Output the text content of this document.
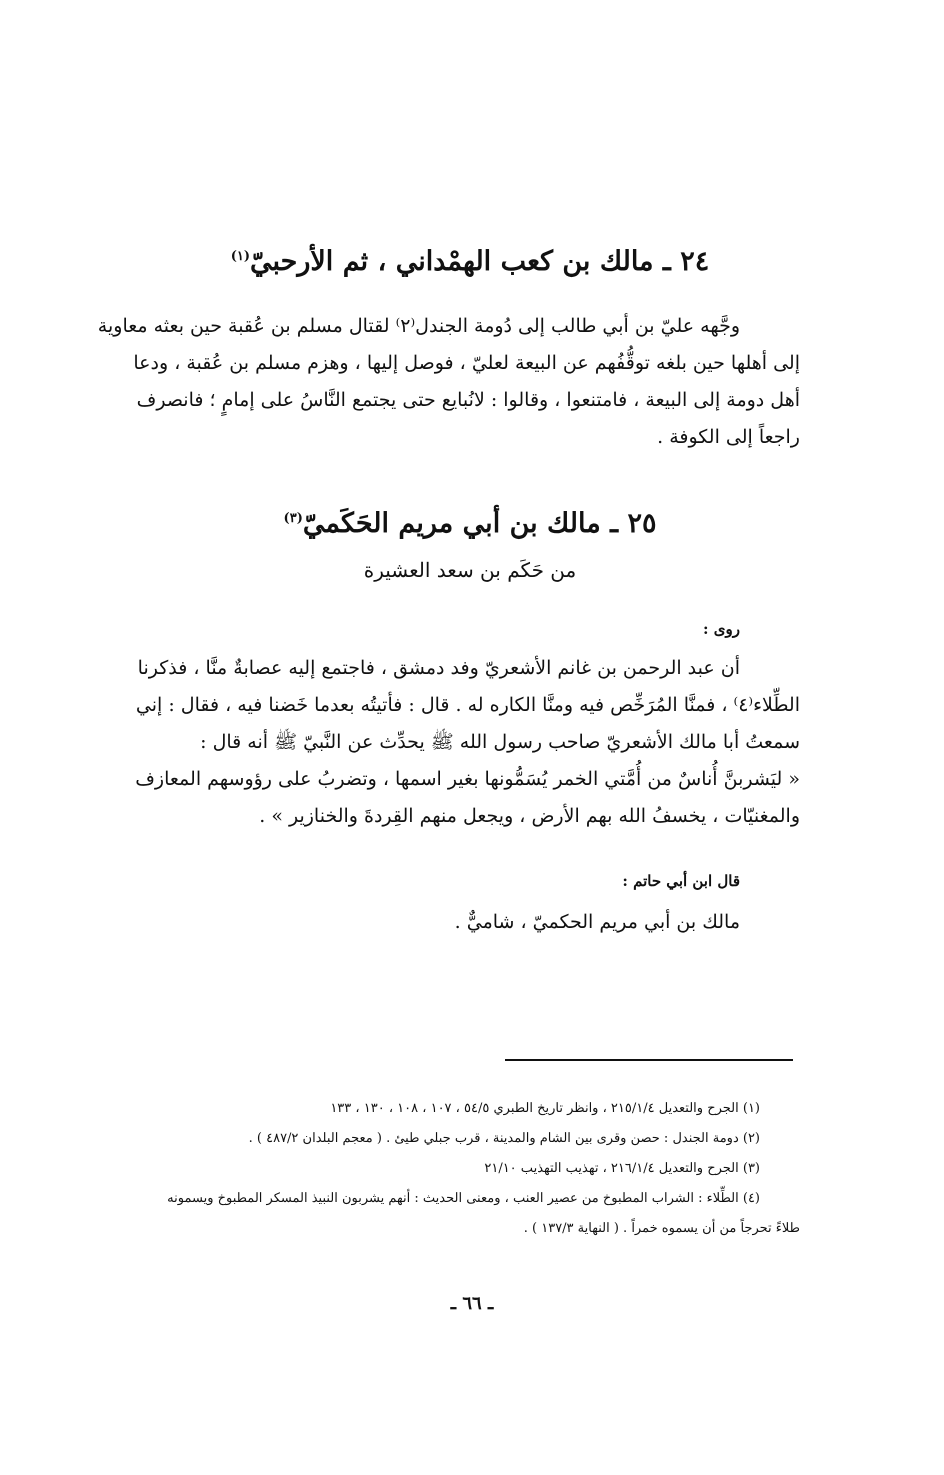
٢٤ ـ مالك بن كعب الهمْداني ، ثم الأرحبيّ$^{(١)}$
وجَّهه عليّ بن أبي طالب إلى دُومة الجندل⁽٢⁾ لقتال مسلم بن عُقبة حين بعثه معاوية
إلى أهلها حين بلغه توقُّفُهم عن البيعة لعليّ ، فوصل إليها ، وهزم مسلم بن عُقبة ، ودعا
أهل دومة إلى البيعة ، فامتنعوا ، وقالوا : لانُبايع حتى يجتمع النَّاسُ على إمامٍ ؛ فانصرف
راجعاً إلى الكوفة .
٢٥ ـ مالك بن أبي مريم الحَكَميّ$^{(٣)}$
من حَكَم بن سعد العشيرة
روى :
أن عبد الرحمن بن غانم الأشعريّ وفد دمشق ، فاجتمع إليه عصابةٌ منَّا ، فذكرنا
الطِّلاء⁽٤⁾ ، فمنَّا المُرَخِّص فيه ومنَّا الكاره له . قال : فأتيتُه بعدما خَضنا فيه ، فقال : إني
سمعتُ أبا مالك الأشعريّ صاحب رسول الله ﷺ يحدِّث عن النَّبيّ ﷺ أنه قال :
« ليَشربنَّ أُناسٌ من أُمَّتي الخمر يُسَمُّونها بغير اسمها ، وتضربُ على رؤوسهم المعازف
والمغنيّات ، يخسفُ الله بهم الأرض ، ويجعل منهم القِردةَ والخنازير » .
قال ابن أبي حاتم :
مالك بن أبي مريم الحكميّ ، شاميٌّ .
(١) الجرح والتعديل ٢١٥/١/٤ ، وانظر تاريخ الطبري ٥٤/٥ ، ١٠٧ ، ١٠٨ ، ١٣٠ ، ١٣٣
(٢) دومة الجندل : حصن وقرى بين الشام والمدينة ، قرب جبلي طيئ . ( معجم البلدان ٤٨٧/٢ ) .
(٣) الجرح والتعديل ٢١٦/١/٤ ، تهذيب التهذيب ٢١/١٠
(٤) الطِّلاء : الشراب المطبوخ من عصير العنب ، ومعنى الحديث : أنهم يشربون النبيذ المسكر المطبوخ ويسمونه
طلاءً تحرجاً من أن يسموه خمراً . ( النهاية ١٣٧/٣ ) .
ـ ٦٦ ـ
